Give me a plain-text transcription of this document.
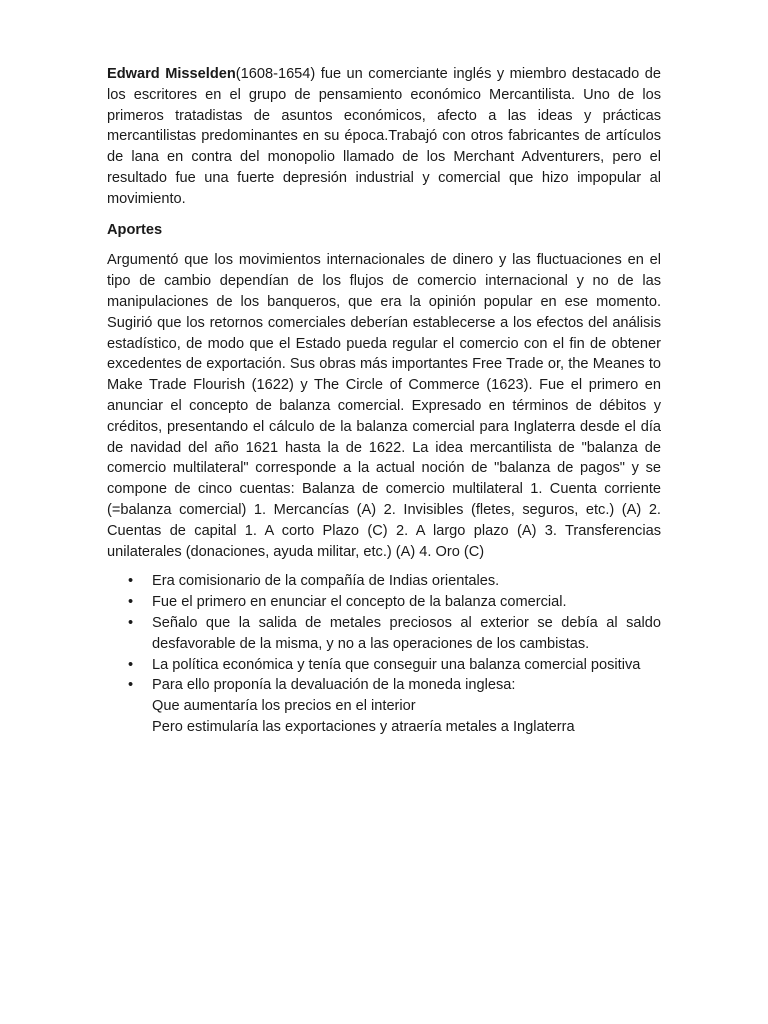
Edward Misselden(1608-1654) fue un comerciante inglés y miembro destacado de los escritores en el grupo de pensamiento económico Mercantilista. Uno de los primeros tratadistas de asuntos económicos, afecto a las ideas y prácticas mercantilistas predominantes en su época.Trabajó con otros fabricantes de artículos de lana en contra del monopolio llamado de los Merchant Adventurers, pero el resultado fue una fuerte depresión industrial y comercial que hizo impopular al movimiento.

Aportes

Argumentó que los movimientos internacionales de dinero y las fluctuaciones en el tipo de cambio dependían de los flujos de comercio internacional y no de las manipulaciones de los banqueros, que era la opinión popular en ese momento. Sugirió que los retornos comerciales deberían establecerse a los efectos del análisis estadístico, de modo que el Estado pueda regular el comercio con el fin de obtener excedentes de exportación. Sus obras más importantes Free Trade or, the Meanes to Make Trade Flourish (1622) y The Circle of Commerce (1623). Fue el primero en anunciar el concepto de balanza comercial. Expresado en términos de débitos y créditos, presentando el cálculo de la balanza comercial para Inglaterra desde el día de navidad del año 1621 hasta la de 1622. La idea mercantilista de "balanza de comercio multilateral" corresponde a la actual noción de "balanza de pagos" y se compone de cinco cuentas: Balanza de comercio multilateral 1. Cuenta corriente (=balanza comercial) 1. Mercancías (A) 2. Invisibles (fletes, seguros, etc.) (A) 2. Cuentas de capital 1. A corto Plazo (C) 2. A largo plazo (A) 3. Transferencias unilaterales (donaciones, ayuda militar, etc.) (A) 4. Oro (C)

• Era comisionario de la compañía de Indias orientales.
• Fue el primero en enunciar el concepto de la balanza comercial.
• Señalo que la salida de metales preciosos al exterior se debía al saldo desfavorable de la misma, y no a las operaciones de los cambistas.
• La política económica y tenía que conseguir una balanza comercial positiva
• Para ello proponía la devaluación de la moneda inglesa:
Que aumentaría los precios en el interior
Pero estimularía las exportaciones y atraería metales a Inglaterra
